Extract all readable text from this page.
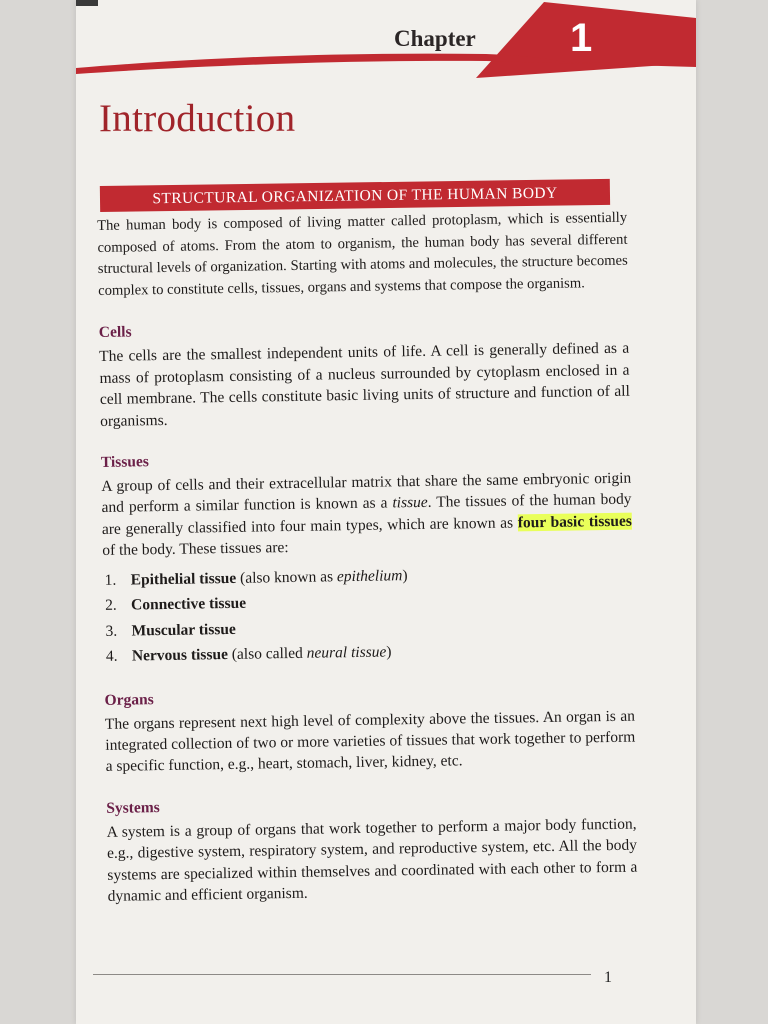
Chapter 1
Introduction
STRUCTURAL ORGANIZATION OF THE HUMAN BODY

The human body is composed of living matter called protoplasm, which is essentially composed of atoms. From the atom to organism, the human body has several different structural levels of organization. Starting with atoms and molecules, the structure becomes complex to constitute cells, tissues, organs and systems that compose the organism.

Cells

The cells are the smallest independent units of life. A cell is generally defined as a mass of protoplasm consisting of a nucleus surrounded by cytoplasm enclosed in a cell membrane. The cells constitute basic living units of structure and function of all organisms.

Tissues

A group of cells and their extracellular matrix that share the same embryonic origin and perform a similar function is known as a tissue. The tissues of the human body are generally classified into four main types, which are known as four basic tissues of the body. These tissues are:

1. Epithelial tissue (also known as epithelium)
2. Connective tissue
3. Muscular tissue
4. Nervous tissue (also called neural tissue)
Organs

The organs represent next high level of complexity above the tissues. An organ is an integrated collection of two or more varieties of tissues that work together to perform a specific function, e.g., heart, stomach, liver, kidney, etc.

Systems

A system is a group of organs that work together to perform a major body function, e.g., digestive system, respiratory system, and reproductive system, etc. All the body systems are specialized within themselves and coordinated with each other to form a dynamic and efficient organism.

1
